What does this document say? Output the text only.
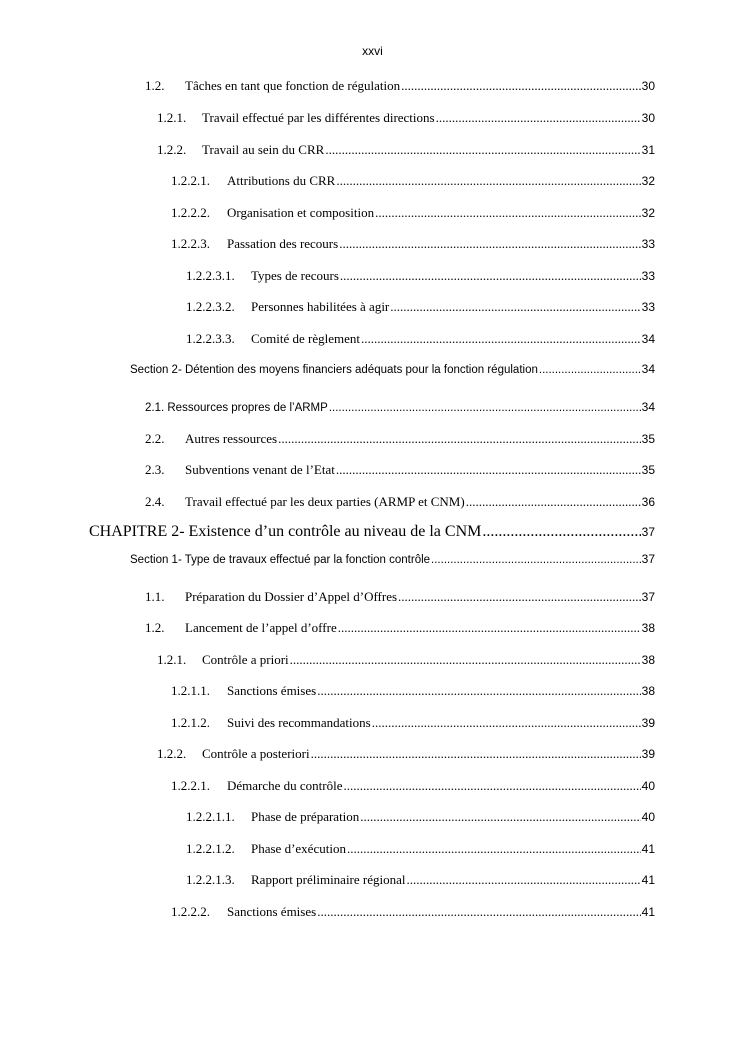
xxvi
1.2.	Tâches en tant que fonction de régulation .....	30
1.2.1.	Travail effectué par les différentes directions .....	30
1.2.2.	Travail au sein du CRR .....	31
1.2.2.1.	Attributions du CRR .....	32
1.2.2.2.	Organisation et composition .....	32
1.2.2.3.	Passation des recours .....	33
1.2.2.3.1.	Types de recours .....	33
1.2.2.3.2.	Personnes habilitées à agir .....	33
1.2.2.3.3.	Comité de règlement .....	34
Section 2- Détention des moyens financiers adéquats pour la fonction régulation .....	34
2.1. Ressources propres de l’ARMP .....	34
2.2.	Autres ressources .....	35
2.3.	Subventions venant de l’Etat .....	35
2.4.	Travail effectué par les deux parties (ARMP et CNM) .....	36
CHAPITRE 2- Existence d’un contrôle au niveau de la CNM .....	37
Section 1- Type de travaux effectué par la fonction contrôle .....	37
1.1.	Préparation du Dossier d’Appel d’Offres .....	37
1.2.	Lancement de l’appel d’offre .....	38
1.2.1.	Contrôle a priori .....	38
1.2.1.1.	Sanctions émises .....	38
1.2.1.2.	Suivi des recommandations .....	39
1.2.2.	Contrôle a posteriori .....	39
1.2.2.1.	Démarche du contrôle .....	40
1.2.2.1.1.	Phase de préparation .....	40
1.2.2.1.2.	Phase d’exécution .....	41
1.2.2.1.3.	Rapport préliminaire régional .....	41
1.2.2.2.	Sanctions émises .....	41
